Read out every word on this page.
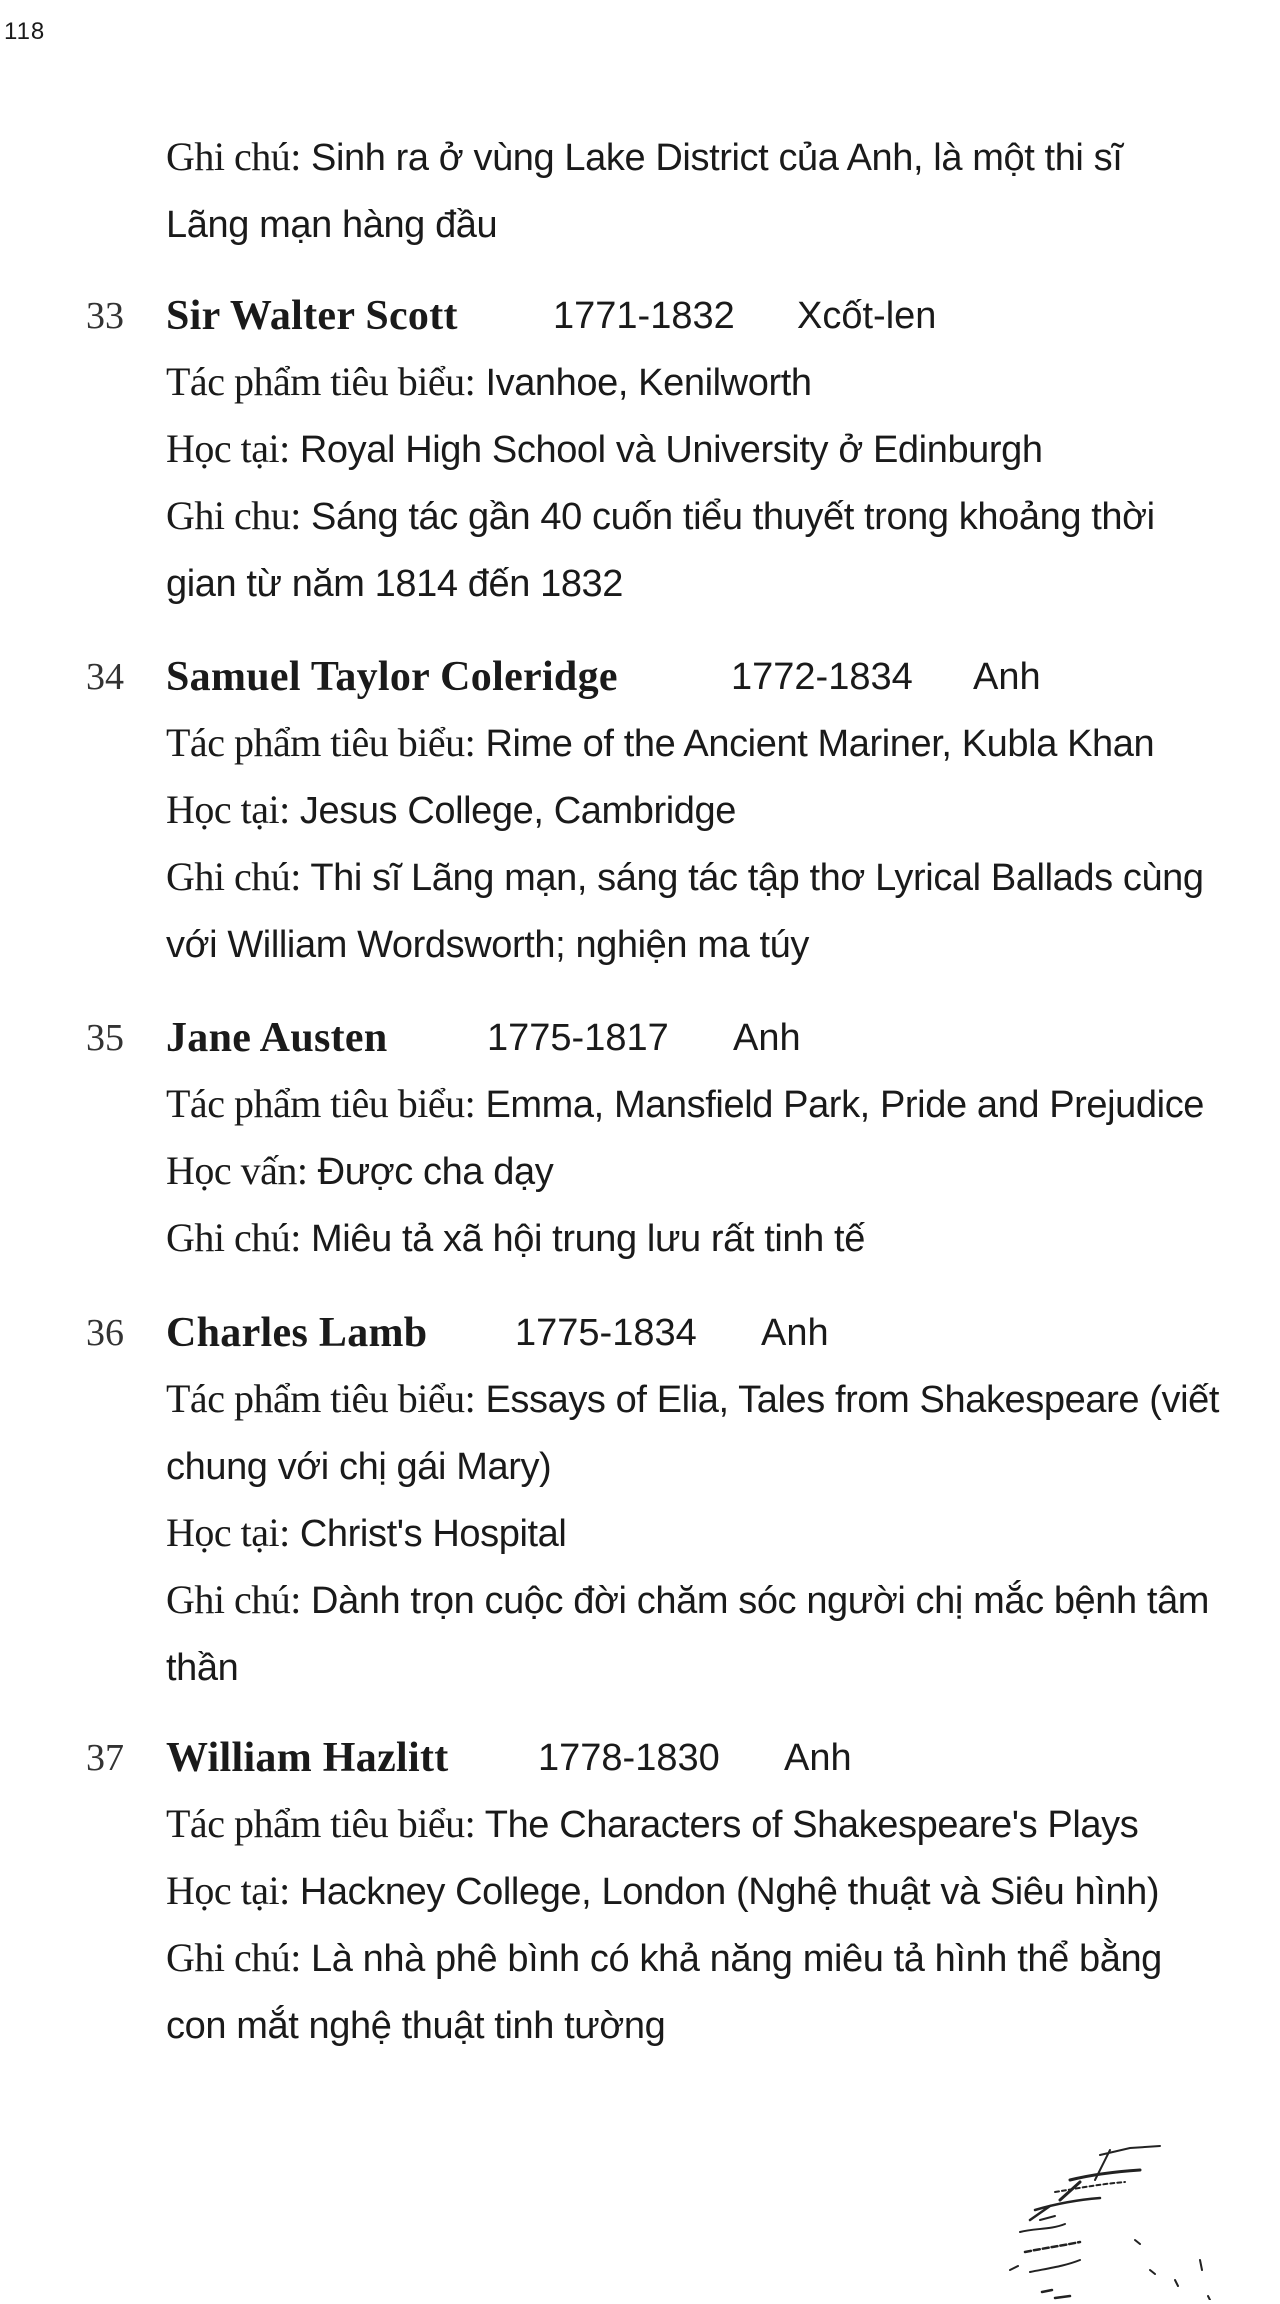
118
Ghi chú: Sinh ra ở vùng Lake District của Anh, là một thi sĩ
Lãng mạn hàng đầu
33 Sir Walter Scott	1771-1832 Xcốt-len
Tác phẩm tiêu biểu: Ivanhoe, Kenilworth
Học tại: Royal High School và University ở Edinburgh
Ghi chu: Sáng tác gần 40 cuốn tiểu thuyết trong khoảng thời
gian từ năm 1814 đến 1832
34 Samuel Taylor Coleridge	1772-1834 Anh
Tác phẩm tiêu biểu: Rime of the Ancient Mariner, Kubla Khan
Học tại: Jesus College, Cambridge
Ghi chú: Thi sĩ Lãng mạn, sáng tác tập thơ Lyrical Ballads cùng
với William Wordsworth; nghiện ma túy
35 Jane Austen	1775-1817 Anh
Tác phẩm tiêu biểu: Emma, Mansfield Park, Pride and Prejudice
Học vấn: Được cha dạy
Ghi chú: Miêu tả xã hội trung lưu rất tinh tế
36 Charles Lamb 1775-1834 Anh
Tác phẩm tiêu biểu: Essays of Elia, Tales from Shakespeare (viết
chung với chị gái Mary)
Học tại: Christ's Hospital
Ghi chú: Dành trọn cuộc đời chăm sóc người chị mắc bệnh tâm
thần
37 William Hazlitt 1778-1830 Anh
Tác phẩm tiêu biểu: The Characters of Shakespeare's Plays
Học tại: Hackney College, London (Nghệ thuật và Siêu hình)
Ghi chú: Là nhà phê bình có khả năng miêu tả hình thể bằng
con mắt nghệ thuật tinh tường
